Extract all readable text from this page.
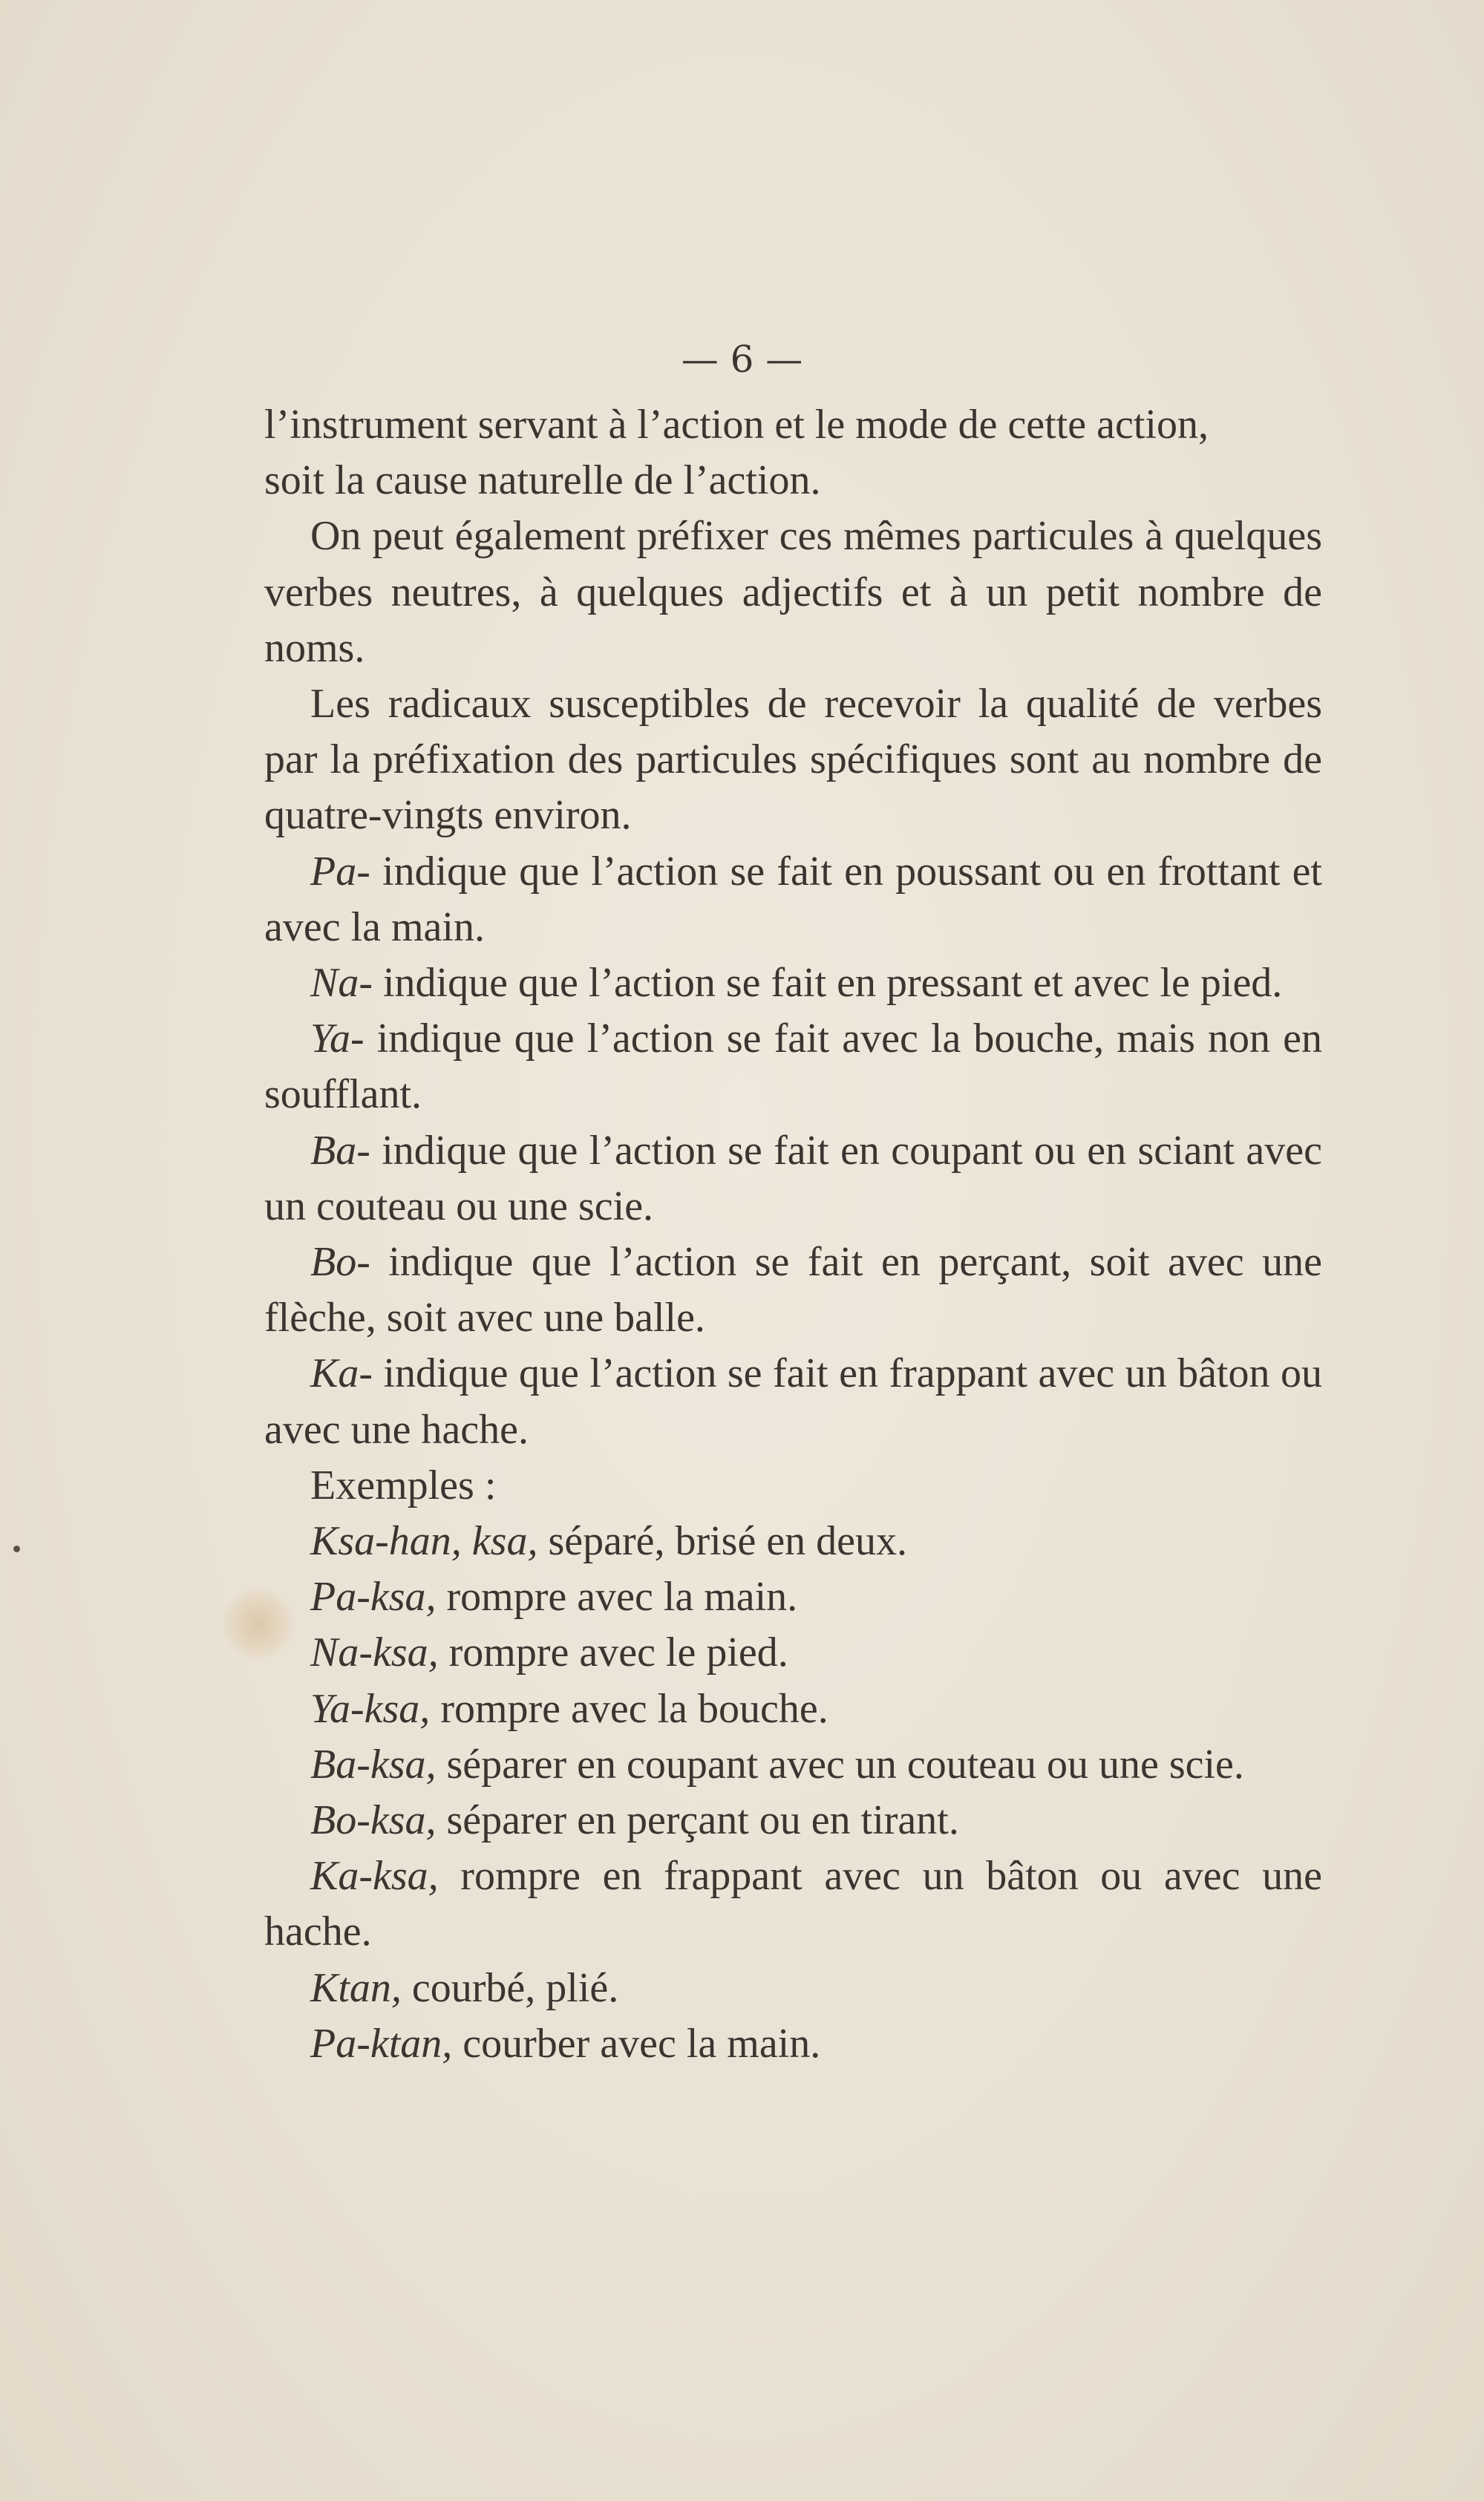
— 6 —

l’instrument servant à l’action et le mode de cette action,
soit la cause naturelle de l’action.

On peut également préfixer ces mêmes particules à quelques verbes neutres, à quelques adjectifs et à un petit nombre de noms.

Les radicaux susceptibles de recevoir la qualité de verbes par la préfixation des particules spécifiques sont au nombre de quatre-vingts environ.

Pa- indique que l’action se fait en poussant ou en frottant et avec la main.

Na- indique que l’action se fait en pressant et avec le pied.

Ya- indique que l’action se fait avec la bouche, mais non en soufflant.

Ba- indique que l’action se fait en coupant ou en sciant avec un couteau ou une scie.

Bo- indique que l’action se fait en perçant, soit avec une flèche, soit avec une balle.

Ka- indique que l’action se fait en frappant avec un bâton ou avec une hache.

Exemples :

Ksa-han, ksa, séparé, brisé en deux.

Pa-ksa, rompre avec la main.

Na-ksa, rompre avec le pied.

Ya-ksa, rompre avec la bouche.

Ba-ksa, séparer en coupant avec un couteau ou une scie.

Bo-ksa, séparer en perçant ou en tirant.

Ka-ksa, rompre en frappant avec un bâton ou avec une hache.

Ktan, courbé, plié.

Pa-ktan, courber avec la main.
